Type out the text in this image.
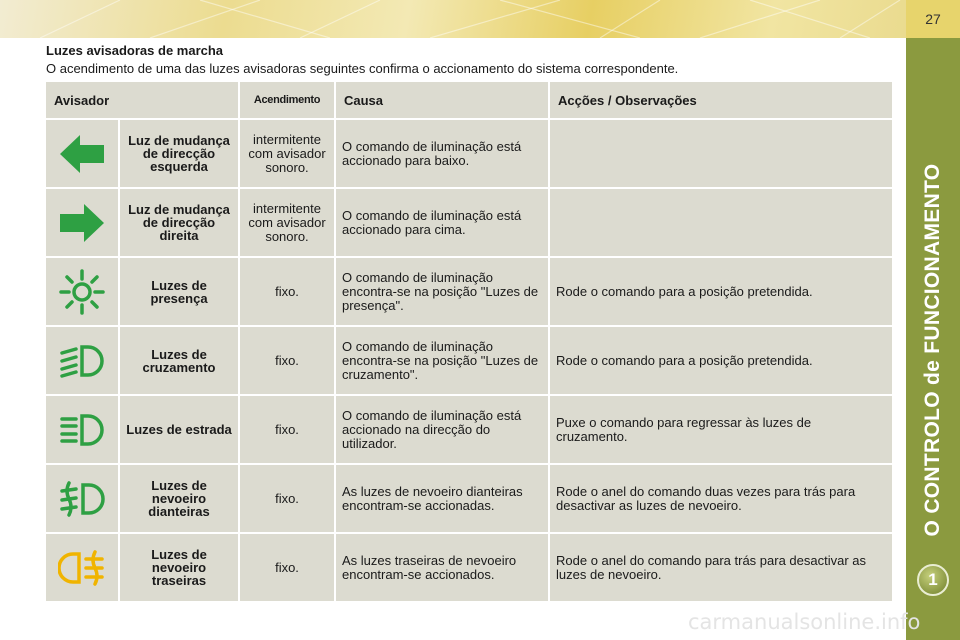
27
O CONTROLO de FUNCIONAMENTO
1
Luzes avisadoras de marcha
O acendimento de uma das luzes avisadoras seguintes confirma o accionamento do sistema correspondente.
Avisador		Acendimento	Causa	Acções / Observações
	Luz de mudança de direcção esquerda	intermitente com avisador sonoro.	O comando de iluminação está accionado para baixo.	
	Luz de mudança de direcção direita	intermitente com avisador sonoro.	O comando de iluminação está accionado para cima.	
	Luzes de presença	fixo.	O comando de iluminação encontra-se na posição "Luzes de presença".	Rode o comando para a posição pretendida.
	Luzes de cruzamento	fixo.	O comando de iluminação encontra-se na posição "Luzes de cruzamento".	Rode o comando para a posição pretendida.
	Luzes de estrada	fixo.	O comando de iluminação está accionado na direcção do utilizador.	Puxe o comando para regressar às luzes de cruzamento.
	Luzes de nevoeiro dianteiras	fixo.	As luzes de nevoeiro dianteiras encontram-se accionadas.	Rode o anel do comando duas vezes para trás para desactivar as luzes de nevoeiro.
	Luzes de nevoeiro traseiras	fixo.	As luzes traseiras de nevoeiro encontram-se accionados.	Rode o anel do comando para trás para desactivar as luzes de nevoeiro.
carmanualsonline.info
